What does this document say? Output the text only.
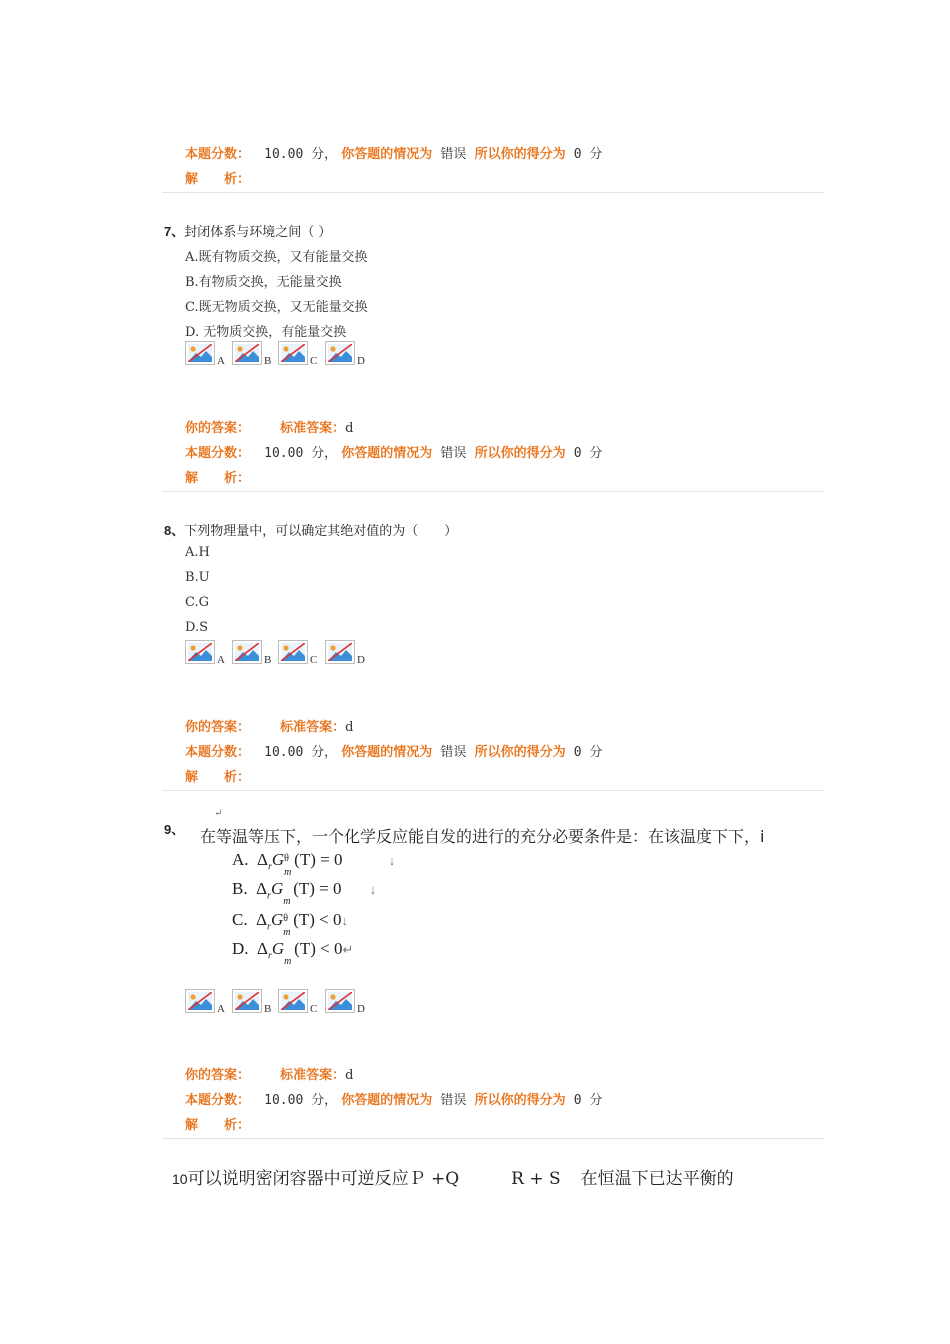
本题分数： 10.00 分， 你答题的情况为 错误 所以你的得分为 0 分
解　　析：
7、封闭体系与环境之间（ ）
A.既有物质交换，又有能量交换
B.有物质交换，无能量交换
C.既无物质交换，又无能量交换
D. 无物质交换，有能量交换
A	B	C	D
你的答案： 标准答案：d
本题分数： 10.00 分， 你答题的情况为 错误 所以你的得分为 0 分
解　　析：
8、下列物理量中，可以确定其绝对值的为（　　）
A.H
B.U
C.G
D.S
A	B	C	D
你的答案： 标准答案：d
本题分数： 10.00 分， 你答题的情况为 错误 所以你的得分为 0 分
解　　析：
9、
↵
在等温等压下，一个化学反应能自发的进行的充分必要条件是：在该温度下下，i
A. $\Delta_rG$ θ
m
(T) = 0	↓
B. $\Delta_rG$
m
(T) = 0 ↓
C. $\Delta_rG$ θ
m
(T) < 0↓
D. $\Delta_rG$
m
(T) < 0↵
A	B	C	D
你的答案： 标准答案：d
本题分数： 10.00 分， 你答题的情况为 错误 所以你的得分为 0 分
解　　析：
10可以说明密闭容器中可逆反应Ｐ +Q	R + S 在恒温下已达平衡的
